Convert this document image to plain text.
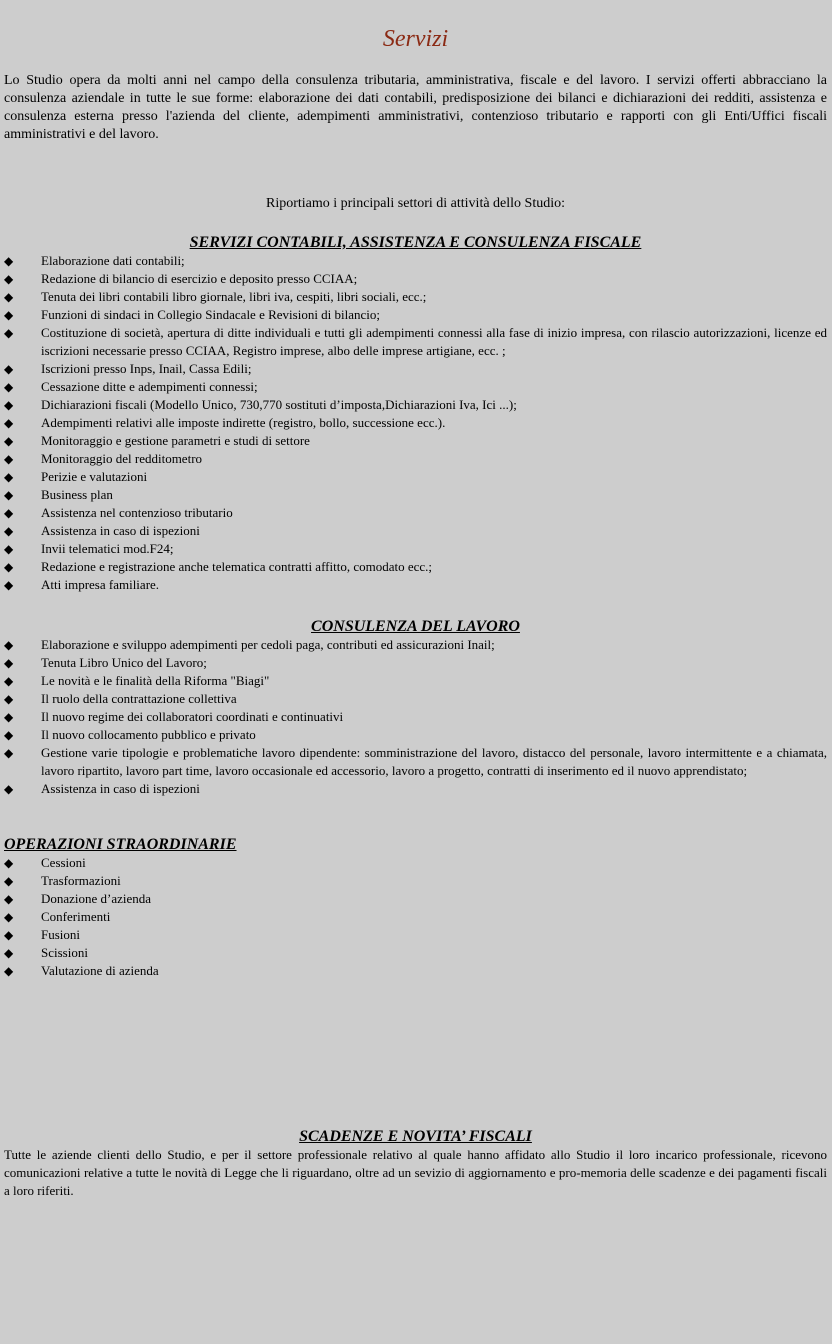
Servizi
Lo Studio opera da molti anni nel campo della consulenza tributaria, amministrativa, fiscale e del lavoro. I servizi offerti abbracciano la consulenza aziendale in tutte le sue forme: elaborazione dei dati contabili, predisposizione dei bilanci e dichiarazioni dei redditi, assistenza e consulenza esterna presso l'azienda del cliente, adempimenti amministrativi, contenzioso tributario e rapporti con gli Enti/Uffici fiscali amministrativi e del lavoro.
Riportiamo i principali settori di attività dello Studio:
SERVIZI CONTABILI, ASSISTENZA E CONSULENZA FISCALE
◆ Elaborazione dati contabili;
◆ Redazione di bilancio di esercizio e deposito presso CCIAA;
◆ Tenuta dei libri contabili libro giornale, libri iva, cespiti, libri sociali, ecc.;
◆ Funzioni di sindaci in Collegio Sindacale e Revisioni di bilancio;
◆ Costituzione di società, apertura di ditte individuali e tutti gli adempimenti connessi alla fase di inizio impresa, con rilascio autorizzazioni, licenze ed iscrizioni necessarie presso CCIAA, Registro imprese, albo delle imprese artigiane, ecc. ;
◆ Iscrizioni presso Inps, Inail, Cassa Edili;
◆ Cessazione ditte e adempimenti connessi;
◆ Dichiarazioni fiscali (Modello Unico, 730,770 sostituti d’imposta,Dichiarazioni Iva, Ici ...);
◆ Adempimenti relativi alle imposte indirette (registro, bollo, successione ecc.).
◆ Monitoraggio e gestione parametri e studi di settore
◆ Monitoraggio del redditometro
◆ Perizie e valutazioni
◆ Business plan
◆ Assistenza nel contenzioso tributario
◆ Assistenza in caso di ispezioni
◆ Invii telematici mod.F24;
◆ Redazione e registrazione anche telematica contratti affitto, comodato ecc.;
◆ Atti impresa familiare.
CONSULENZA DEL LAVORO
◆ Elaborazione e sviluppo adempimenti per cedoli paga, contributi ed assicurazioni Inail;
◆ Tenuta Libro Unico del Lavoro;
◆ Le novità e le finalità della Riforma "Biagi"
◆ Il ruolo della contrattazione collettiva
◆ Il nuovo regime dei collaboratori coordinati e continuativi
◆ Il nuovo collocamento pubblico e privato
◆ Gestione varie tipologie e problematiche lavoro dipendente: somministrazione del lavoro, distacco del personale, lavoro intermittente e a chiamata, lavoro ripartito, lavoro part time, lavoro occasionale ed accessorio, lavoro a progetto, contratti di inserimento ed il nuovo apprendistato;
◆ Assistenza in caso di ispezioni
OPERAZIONI STRAORDINARIE
◆ Cessioni
◆ Trasformazioni
◆ Donazione d’azienda
◆ Conferimenti
◆ Fusioni
◆ Scissioni
◆ Valutazione di azienda
SCADENZE E NOVITA’ FISCALI
Tutte le aziende clienti dello Studio, e per il settore professionale relativo al quale hanno affidato allo Studio il loro incarico professionale, ricevono comunicazioni relative a tutte le novità di Legge che li riguardano, oltre ad un sevizio di aggiornamento e pro-memoria delle scadenze e dei pagamenti fiscali a loro riferiti.
